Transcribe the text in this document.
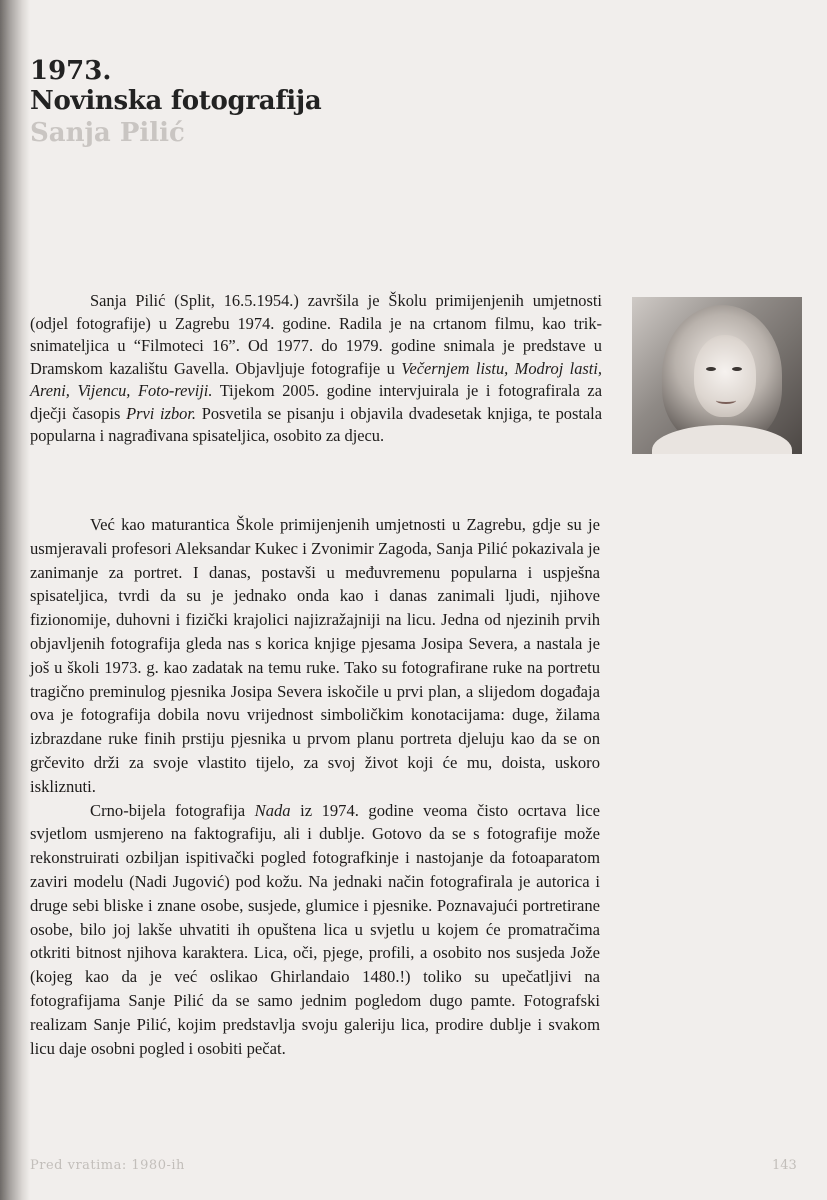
1973.
Novinska fotografija
Sanja Pilić

Sanja Pilić (Split, 16.5.1954.) završila je Školu primijenjenih umjetnosti (odjel fotografije) u Zagrebu 1974. godine. Radila je na crtanom filmu, kao trik-snimateljica u “Filmoteci 16”. Od 1977. do 1979. godine snimala je predstave u Dramskom kazalištu Gavella. Objavljuje fotografije u Večernjem listu, Modroj lasti, Areni, Vijencu, Foto-reviji. Tijekom 2005. godine intervjuirala je i fotografirala za dječji časopis Prvi izbor. Posvetila se pisanju i objavila dvadesetak knjiga, te postala popularna i nagrađivana spisateljica, osobito za djecu.

Već kao maturantica Škole primijenjenih umjetnosti u Zagrebu, gdje su je usmjeravali profesori Aleksandar Kukec i Zvonimir Zagoda, Sanja Pilić pokazivala je zanimanje za portret. I danas, postavši u međuvremenu popularna i uspješna spisateljica, tvrdi da su je jednako onda kao i danas zanimali ljudi, njihove fizionomije, duhovni i fizički krajolici najizražajniji na licu. Jedna od njezinih prvih objavljenih fotografija gleda nas s korica knjige pjesama Josipa Severa, a nastala je još u školi 1973. g. kao zadatak na temu ruke. Tako su fotografirane ruke na portretu tragično preminulog pjesnika Josipa Severa iskočile u prvi plan, a slijedom događaja ova je fotografija dobila novu vrijednost simboličkim konotacijama: duge, žilama izbrazdane ruke finih prstiju pjesnika u prvom planu portreta djeluju kao da se on grčevito drži za svoje vlastito tijelo, za svoj život koji će mu, doista, uskoro iskliznuti.

Crno-bijela fotografija Nada iz 1974. godine veoma čisto ocrtava lice svjetlom usmjereno na faktografiju, ali i dublje. Gotovo da se s fotografije može rekonstruirati ozbiljan ispitivački pogled fotografkinje i nastojanje da fotoaparatom zaviri modelu (Nadi Jugović) pod kožu. Na jednaki način fotografirala je autorica i druge sebi bliske i znane osobe, susjede, glumice i pjesnike. Poznavajući portretirane osobe, bilo joj lakše uhvatiti ih opuštena lica u svjetlu u kojem će promatračima otkriti bitnost njihova karaktera. Lica, oči, pjege, profili, a osobito nos susjeda Jože (kojeg kao da je već oslikao Ghirlandaio 1480.!) toliko su upečatljivi na fotografijama Sanje Pilić da se samo jednim pogledom dugo pamte. Fotografski realizam Sanje Pilić, kojim predstavlja svoju galeriju lica, prodire dublje i svakom licu daje osobni pogled i osobiti pečat.

Pred vratima: 1980-ih	143
